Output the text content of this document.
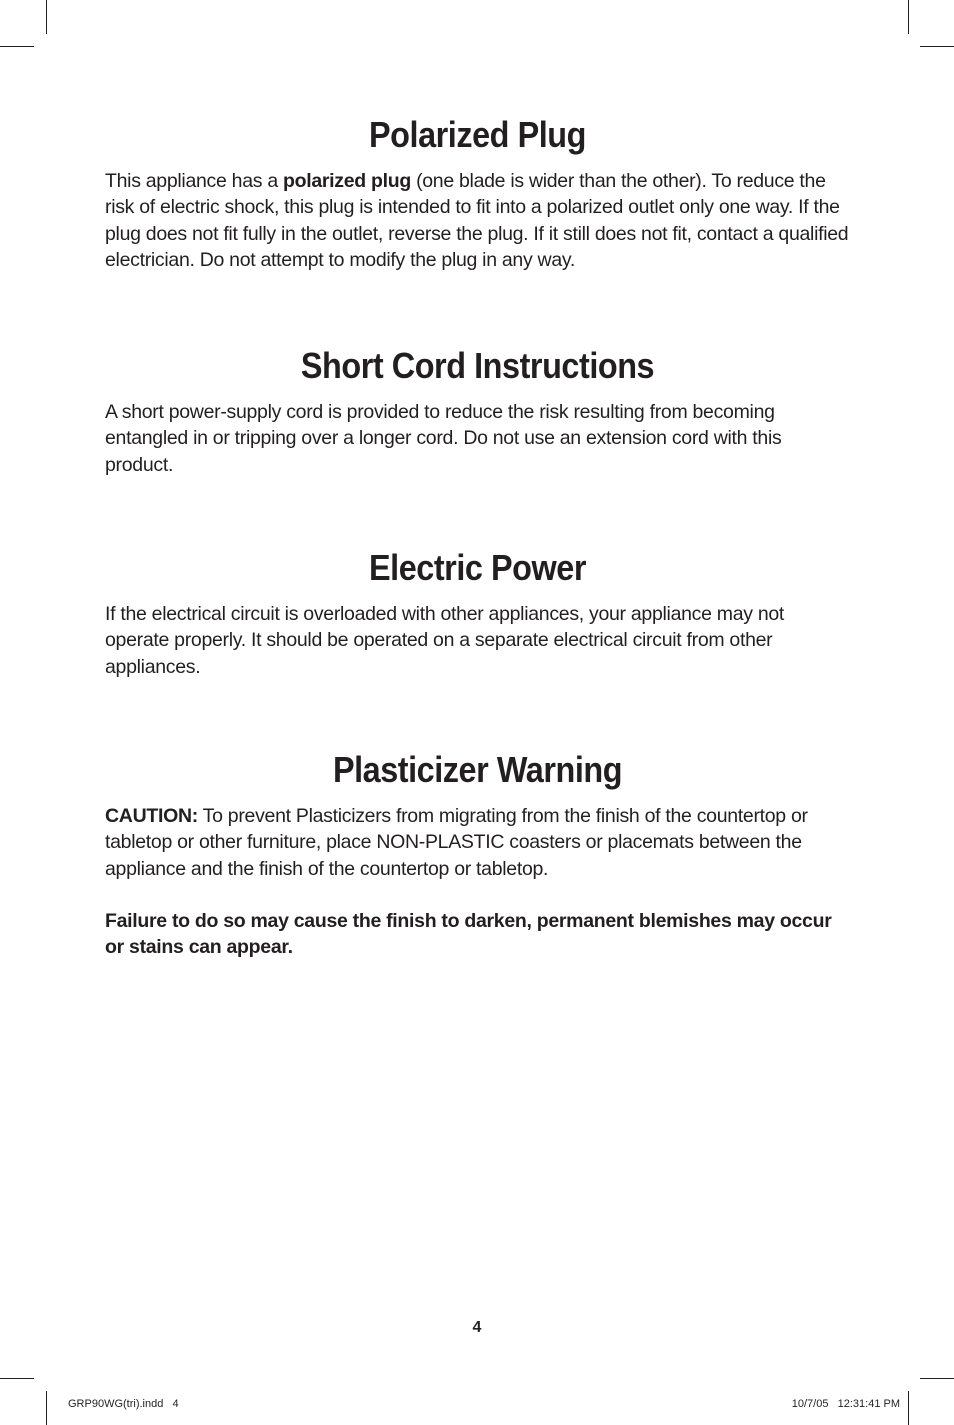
Polarized Plug

This appliance has a polarized plug (one blade is wider than the other). To reduce the risk of electric shock, this plug is intended to fit into a polarized outlet only one way. If the plug does not fit fully in the outlet, reverse the plug. If it still does not fit, contact a qualified electrician. Do not attempt to modify the plug in any way.

Short Cord Instructions

A short power-supply cord is provided to reduce the risk resulting from becoming entangled in or tripping over a longer cord. Do not use an extension cord with this product.

Electric Power

If the electrical circuit is overloaded with other appliances, your appliance may not operate properly. It should be operated on a separate electrical circuit from other appliances.

Plasticizer Warning

CAUTION: To prevent Plasticizers from migrating from the finish of the countertop or tabletop or other furniture, place NON-PLASTIC coasters or placemats between the appliance and the finish of the countertop or tabletop.

Failure to do so may cause the finish to darken, permanent blemishes may occur or stains can appear.

4
GRP90WG(tri).indd   4	10/7/05   12:31:41 PM
